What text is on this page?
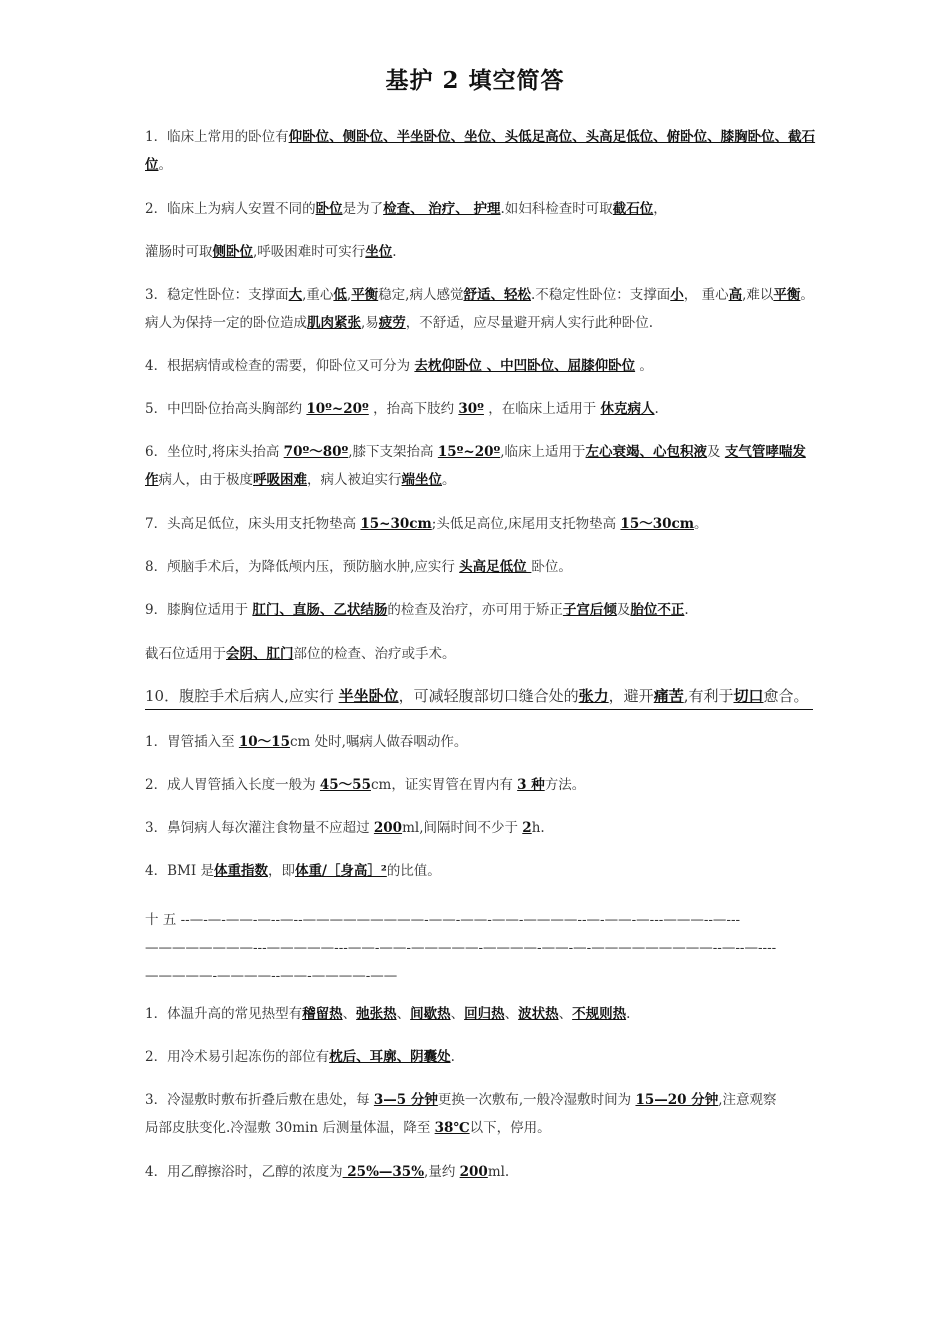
基护 2 填空简答
1．临床上常用的卧位有仰卧位、侧卧位、半坐卧位、坐位、头低足高位、头高足低位、俯卧位、膝胸卧位、截石
位。
2．临床上为病人安置不同的卧位是为了检查、 治疗、 护理.如妇科检查时可取截石位，
灌肠时可取侧卧位,呼吸困难时可实行坐位.
3．稳定性卧位：支撑面大,重心低,平衡稳定,病人感觉舒适、轻松.不稳定性卧位：支撑面小， 重心高,难以平衡。
病人为保持一定的卧位造成肌肉紧张,易疲劳，不舒适，应尽量避开病人实行此种卧位.
4．根据病情或检查的需要，仰卧位又可分为 去枕仰卧位 、中凹卧位、屈膝仰卧位 。
5．中凹卧位抬高头胸部约 10º~20º ，抬高下肢约 30º ，在临床上适用于 休克病人.
6．坐位时,将床头抬高 70º～80º,膝下支架抬高 15º~20º,临床上适用于左心衰竭、心包积液及 支气管哮喘发
作病人，由于极度呼吸困难，病人被迫实行端坐位。
7．头高足低位，床头用支托物垫高 15~30cm;头低足高位,床尾用支托物垫高 15～30cm。
8．颅脑手术后，为降低颅内压，预防脑水肿,应实行 头高足低位 卧位。
9．膝胸位适用于 肛门、直肠、乙状结肠的检查及治疗，亦可用于矫正子宫后倾及胎位不正.
截石位适用于会阴、肛门部位的检查、治疗或手术。
10．腹腔手术后病人,应实行 半坐卧位，可减轻腹部切口缝合处的张力，避开痛苦,有利于切口愈合。
1．胃管插入至 10～15cm 处时,嘱病人做吞咽动作。
2．成人胃管插入长度一般为 45～55cm，证实胃管在胃内有 3 种方法。
3．鼻饲病人每次灌注食物量不应超过 200ml,间隔时间不少于 2h.
4．BMI 是体重指数，即体重/［身高］²的比值。
十 五 --—-—-——-—--—--—————————-——-——-——-————--—-——-—---———--—---————————---—————---——-——-—————-————-——-—-—————————--—--—----—————-————--——-————-——
1．体温升高的常见热型有稽留热、弛张热、间歇热、回归热、波状热、不规则热.
2．用冷术易引起冻伤的部位有枕后、耳廓、阴囊处.
3．冷湿敷时敷布折叠后敷在患处，每 3—5 分钟更换一次敷布,一般冷湿敷时间为 15—20 分钟,注意观察
局部皮肤变化.冷湿敷 30min 后测量体温，降至 38℃以下，停用。
4．用乙醇擦浴时，乙醇的浓度为 25%—35%,量约 200ml.
